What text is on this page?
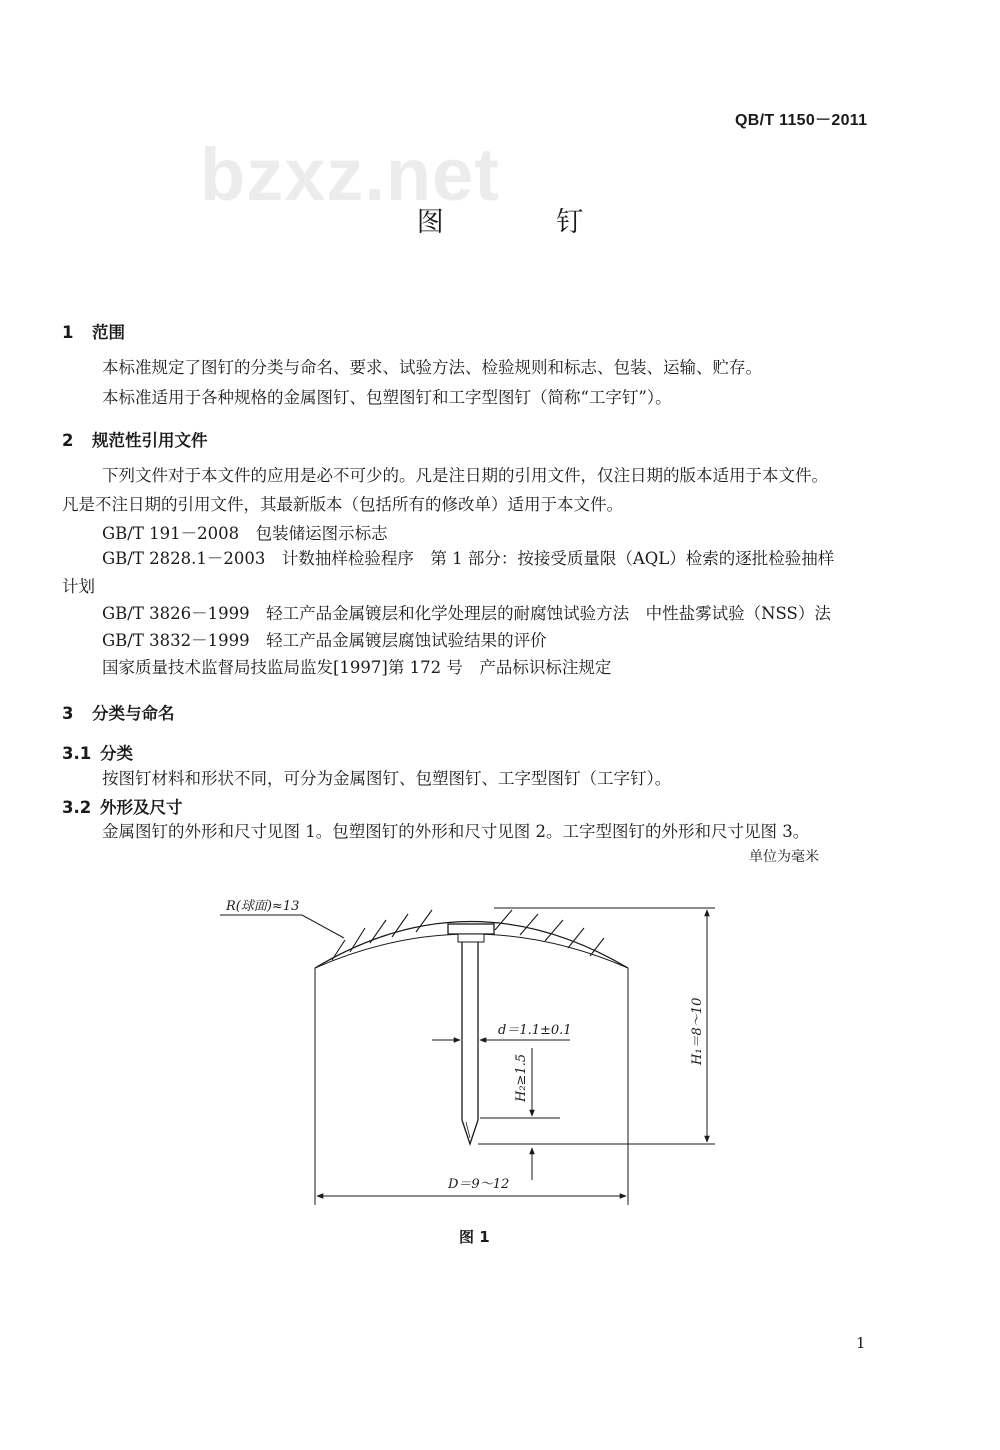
QB/T 1150－2011
bzxz.net
图 钉
1 范围
本标准规定了图钉的分类与命名、要求、试验方法、检验规则和标志、包装、运输、贮存。
本标准适用于各种规格的金属图钉、包塑图钉和工字型图钉（简称“工字钉”）。
2 规范性引用文件
下列文件对于本文件的应用是必不可少的。凡是注日期的引用文件，仅注日期的版本适用于本文件。
凡是不注日期的引用文件，其最新版本（包括所有的修改单）适用于本文件。
GB/T 191－2008　包装储运图示标志
GB/T 2828.1－2003　计数抽样检验程序　第 1 部分：按接受质量限（AQL）检索的逐批检验抽样
计划
GB/T 3826－1999　轻工产品金属镀层和化学处理层的耐腐蚀试验方法　中性盐雾试验（NSS）法
GB/T 3832－1999　轻工产品金属镀层腐蚀试验结果的评价
国家质量技术监督局技监局监发[1997]第 172 号　产品标识标注规定
3 分类与命名
3.1 分类
按图钉材料和形状不同，可分为金属图钉、包塑图钉、工字型图钉（工字钉）。
3.2 外形及尺寸
金属图钉的外形和尺寸见图 1。包塑图钉的外形和尺寸见图 2。工字型图钉的外形和尺寸见图 3。
单位为毫米
R(球面)≈13
d＝1.1±0.1	H₁＝8～10
H₂≥1.5
D＝9～12
图 1
1
